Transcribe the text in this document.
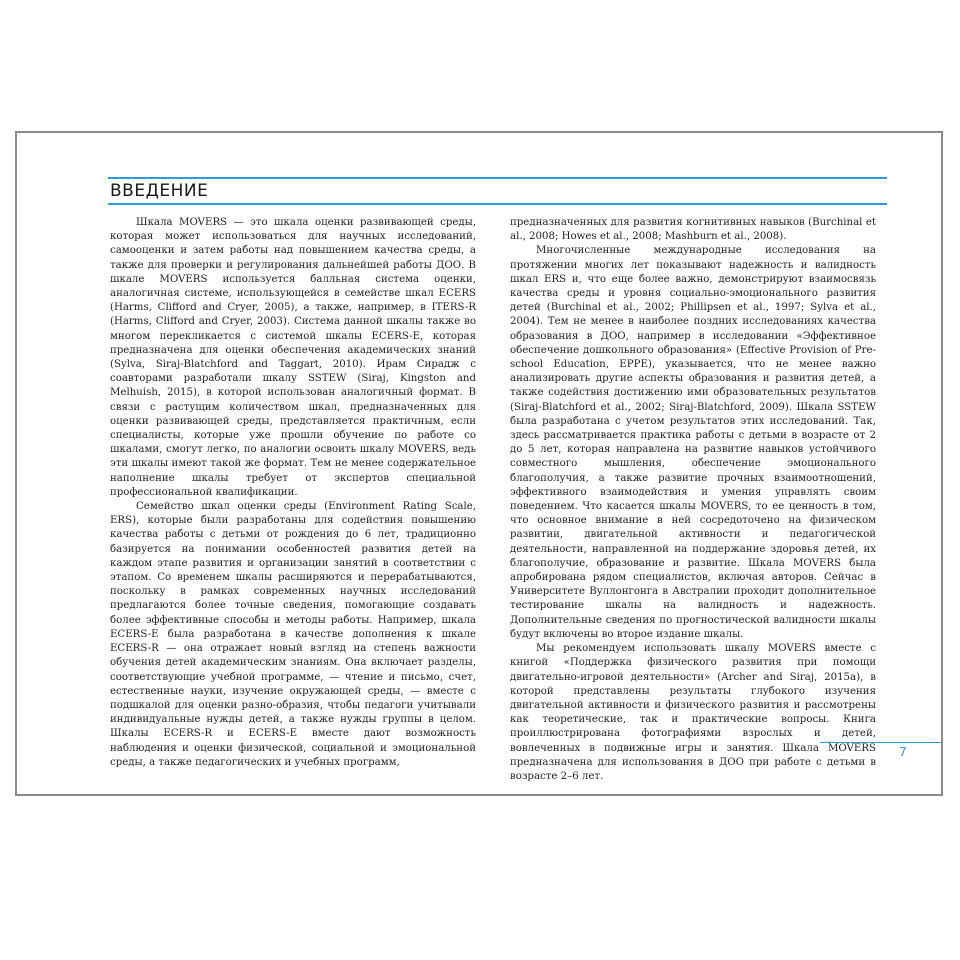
ВВЕДЕНИЕ

Шкала MOVERS — это шкала оценки развивающей среды, которая может использоваться для научных исследований, самооценки и затем работы над повышением качества среды, а также для проверки и регулирования дальнейшей работы ДОО. В шкале MOVERS используется балльная система оценки, аналогичная системе, использующейся в семействе шкал ECERS (Harms, Clifford and Cryer, 2005), а также, например, в ITERS-R (Harms, Clifford and Cryer, 2003). Система данной шкалы также во многом перекликается с системой шкалы ECERS-E, которая предназначена для оценки обеспечения академических знаний (Sylva, Siraj-Blatchford and Taggart, 2010). Ирам Сирадж с соавторами разработали шкалу SSTEW (Siraj, Kingston and Melhuish, 2015), в которой использован аналогичный формат. В связи с растущим количеством шкал, предназначенных для оценки развивающей среды, представляется практичным, если специалисты, которые уже прошли обучение по работе со шкалами, смогут легко, по аналогии освоить шкалу MOVERS, ведь эти шкалы имеют такой же формат. Тем не менее содержательное наполнение шкалы требует от экспертов специальной профессиональной квалификации.

Семейство шкал оценки среды (Environment Rating Scale, ERS), которые были разработаны для содействия повышению качества работы с детьми от рождения до 6 лет, традиционно базируется на понимании особенностей развития детей на каждом этапе развития и организации занятий в соответствии с этапом. Со временем шкалы расширяются и перерабатываются, поскольку в рамках современных научных исследований предлагаются более точные сведения, помогающие создавать более эффективные способы и методы работы. Например, шкала ECERS-E была разработана в качестве дополнения к шкале ECERS-R — она отражает новый взгляд на степень важности обучения детей академическим знаниям. Она включает разделы, соответствующие учебной программе, — чтение и письмо, счет, естественные науки, изучение окружающей среды, — вместе с подшкалой для оценки разно-образия, чтобы педагоги учитывали индивидуальные нужды детей, а также нужды группы в целом. Шкалы ECERS-R и ECERS-E вместе дают возможность наблюдения и оценки физической, социальной и эмоциональной среды, а также педагогических и учебных программ,

предназначенных для развития когнитивных навыков (Burchinal et al., 2008; Howes et al., 2008; Mashburn et al., 2008).

Многочисленные международные исследования на протяжении многих лет показывают надежность и валидность шкал ERS и, что еще более важно, демонстрируют взаимосвязь качества среды и уровня социально-эмоционального развития детей (Burchinal et al., 2002; Phillipsen et al., 1997; Sylva et al., 2004). Тем не менее в наиболее поздних исследованиях качества образования в ДОО, например в исследовании «Эффективное обеспечение дошкольного образования» (Effective Provision of Pre-school Education, EPPE), указывается, что не менее важно анализировать другие аспекты образования и развития детей, а также содействия достижению ими образовательных результатов (Siraj-Blatchford et al., 2002; Siraj-Blatchford, 2009). Шкала SSTEW была разработана с учетом результатов этих исследований. Так, здесь рассматривается практика работы с детьми в возрасте от 2 до 5 лет, которая направлена на развитие навыков устойчивого совместного мышления, обеспечение эмоционального благополучия, а также развитие прочных взаимоотношений, эффективного взаимодействия и умения управлять своим поведением. Что касается шкалы MOVERS, то ее ценность в том, что основное внимание в ней сосредоточено на физическом развитии, двигательной активности и педагогической деятельности, направленной на поддержание здоровья детей, их благополучие, образование и развитие. Шкала MOVERS была апробирована рядом специалистов, включая авторов. Сейчас в Университете Вуллонгонга в Австралии проходит дополнительное тестирование шкалы на валидность и надежность. Дополнительные сведения по прогностической валидности шкалы будут включены во второе издание шкалы.

Мы рекомендуем использовать шкалу MOVERS вместе с книгой «Поддержка физического развития при помощи двигательно-игровой деятельности» (Archer and Siraj, 2015a), в которой представлены результаты глубокого изучения двигательной активности и физического развития и рассмотрены как теоретические, так и практические вопросы. Книга проиллюстрирована фотографиями взрослых и детей, вовлеченных в подвижные игры и занятия. Шкала MOVERS предназначена для использования в ДОО при работе с детьми в возрасте 2–6 лет.

7
